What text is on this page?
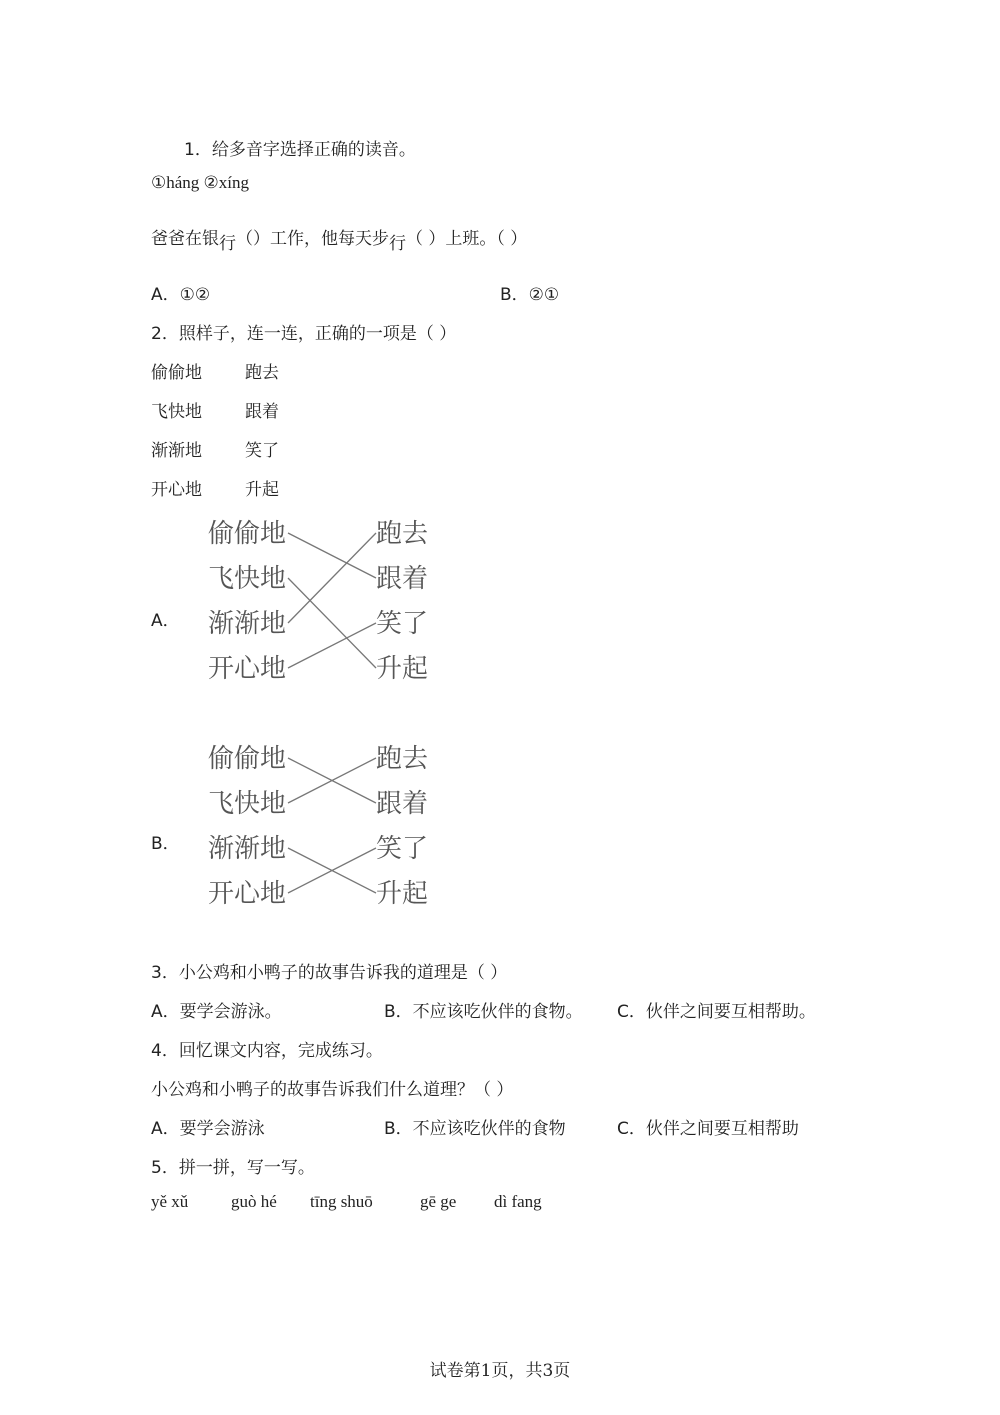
1．给多音字选择正确的读音。
①háng ②xíng
爸爸在银行（）工作，他每天步行（ ）上班。（ ）
A．①②	B．②①
2．照样子，连一连，正确的一项是（ ）
偷偷地	跑去
飞快地	跟着
渐渐地	笑了
开心地	升起
A．
偷偷地
飞快地
渐渐地
开心地
跑去
跟着
笑了
升起
B．
偷偷地
飞快地
渐渐地
开心地
跑去
跟着
笑了
升起
3．小公鸡和小鸭子的故事告诉我的道理是（ ）
A．要学会游泳。	B．不应该吃伙伴的食物。 C．伙伴之间要互相帮助。
4．回忆课文内容，完成练习。
小公鸡和小鸭子的故事告诉我们什么道理？（ ）
A．要学会游泳	B．不应该吃伙伴的食物	C．伙伴之间要互相帮助
5．拼一拼，写一写。
yě xǔ	guò hé tīng shuō	gē ge dì fang
试卷第1页，共3页
